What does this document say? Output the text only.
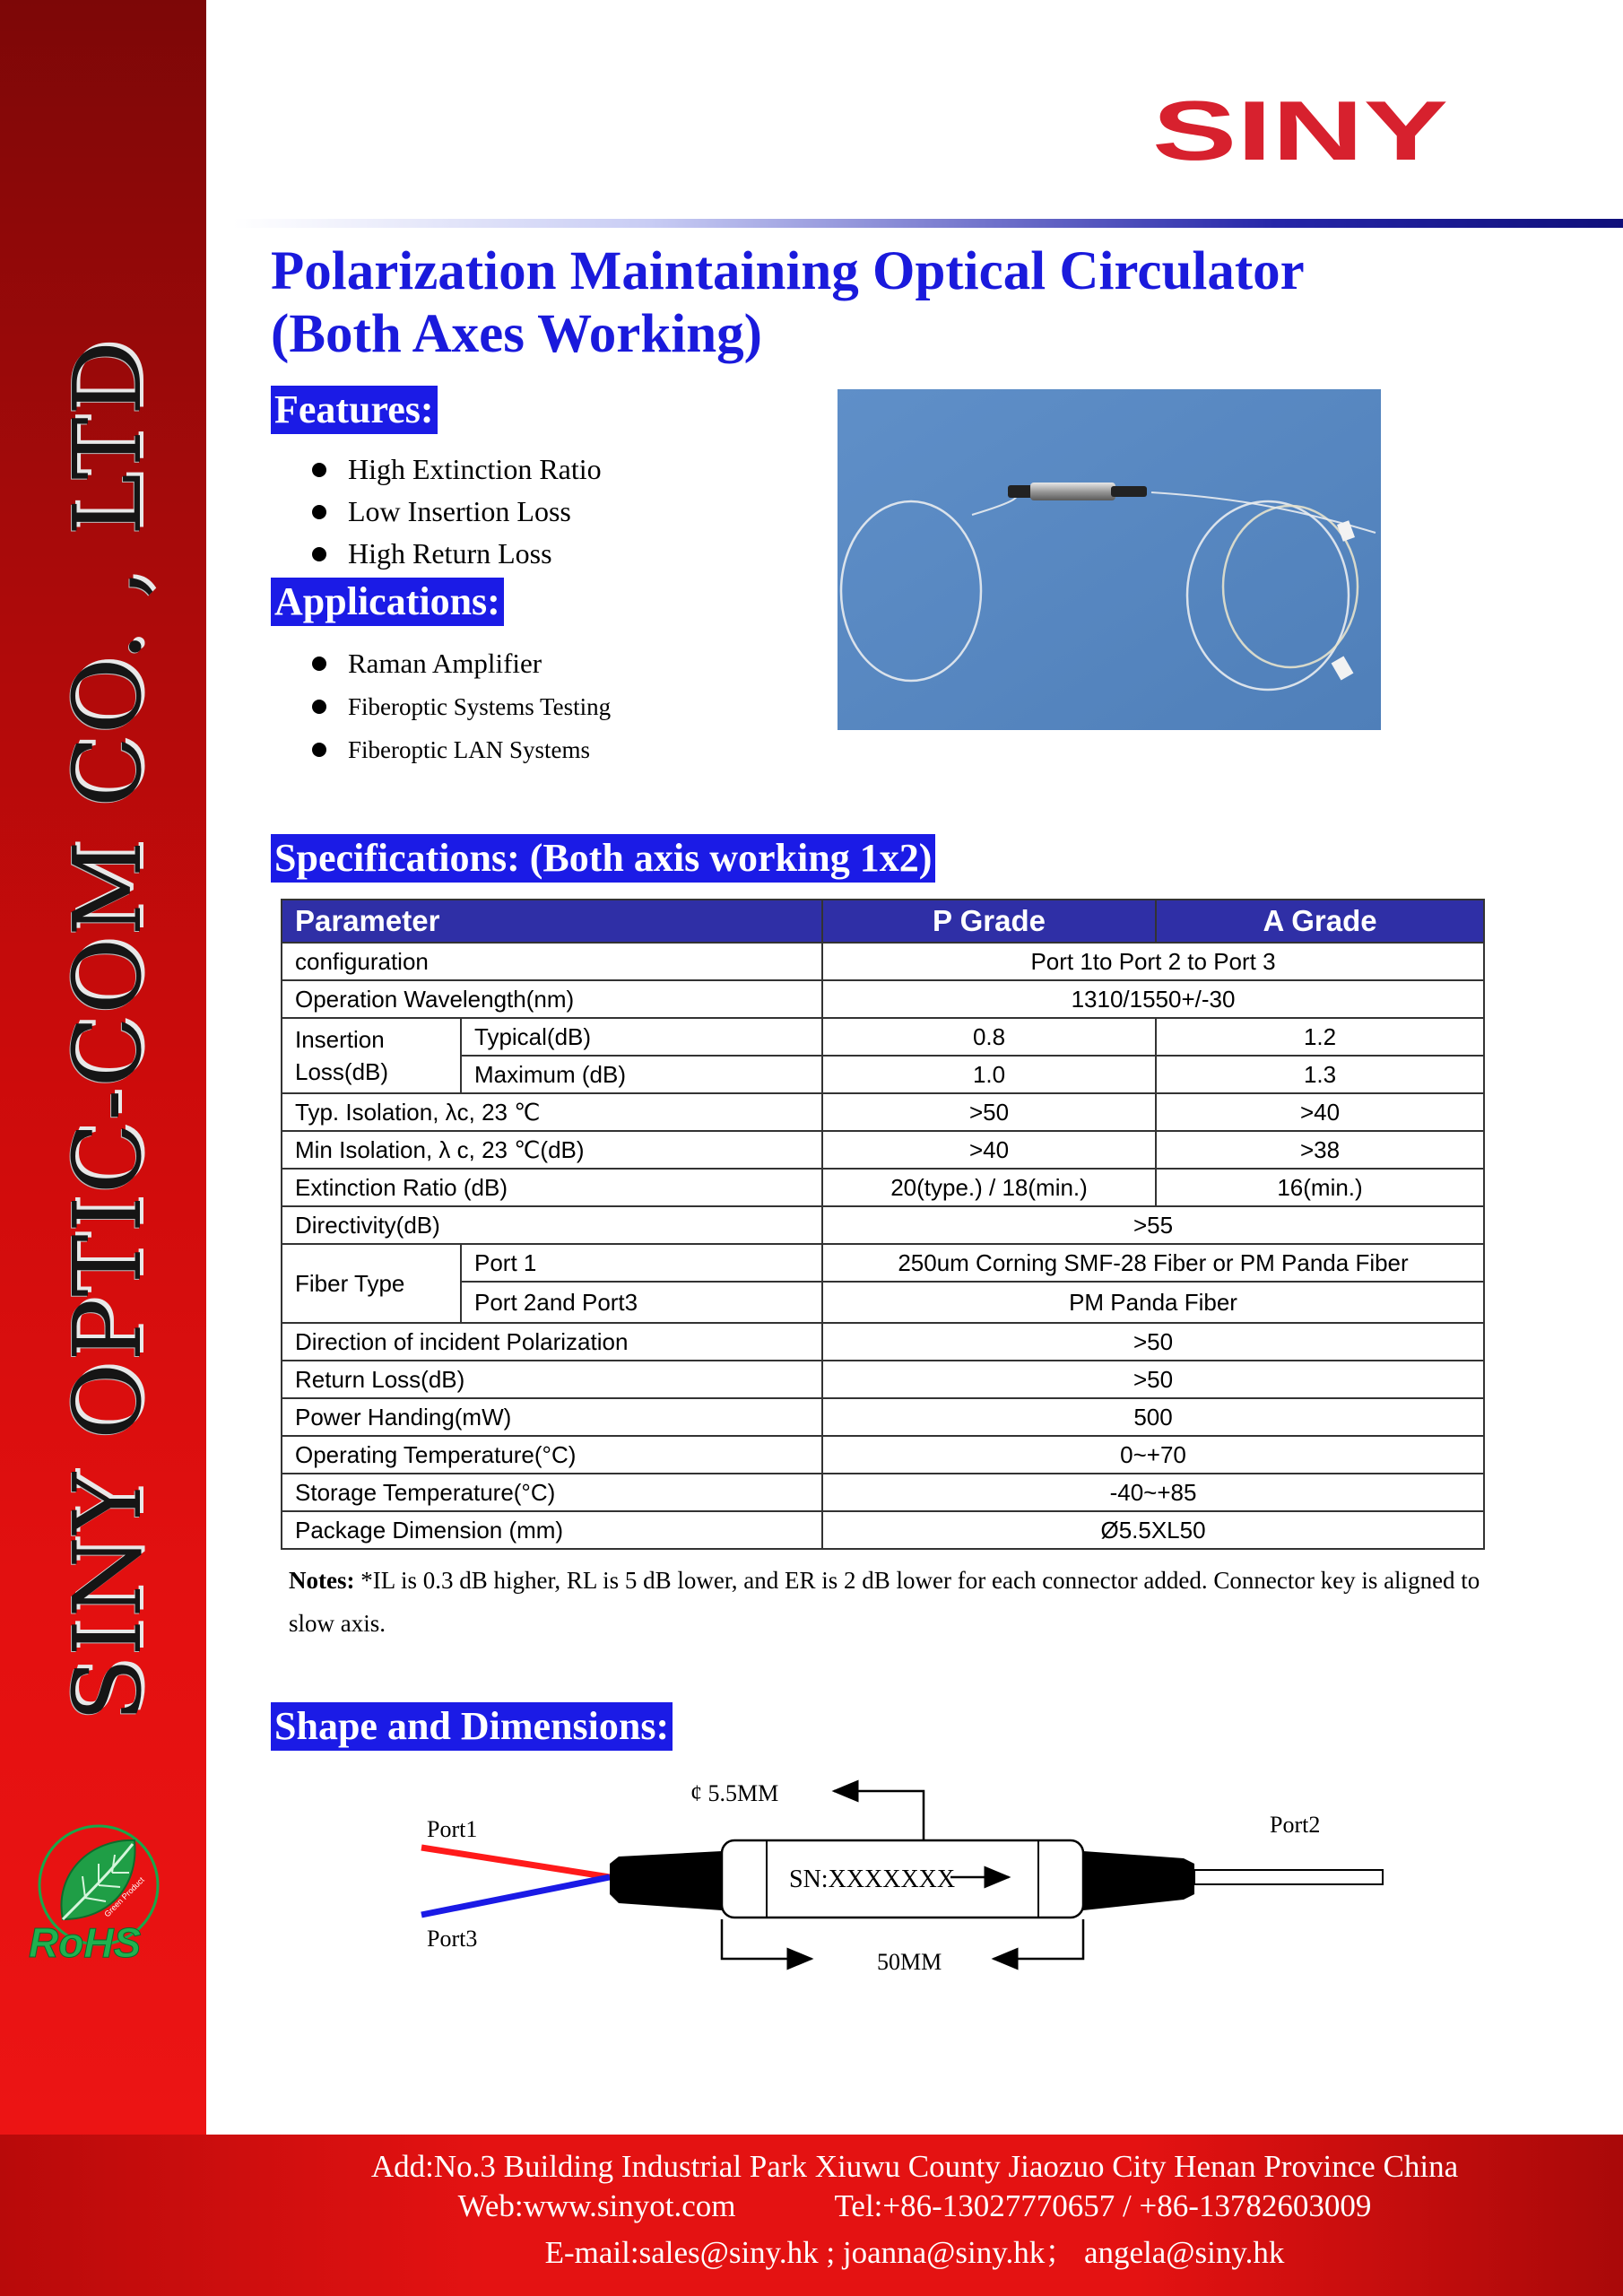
SINY OPTIC-COM CO. , LTD
Green Product
RoHS
SINY
Polarization Maintaining Optical Circulator
(Both Axes Working)
Features:
High Extinction Ratio
Low Insertion Loss
High Return Loss
Applications:
Raman Amplifier
Fiberoptic Systems Testing
Fiberoptic LAN Systems
Specifications: (Both axis working 1x2)
Parameter		P Grade	A Grade
configuration		Port 1to Port 2 to Port 3	
Operation Wavelength(nm)		1310/1550+/-30	
Insertion Loss(dB)	Typical(dB)	0.8	1.2
	Maximum (dB)	1.0	1.3
Typ. Isolation, λc, 23 ℃		>50	>40
Min Isolation, λ c, 23 ℃(dB)		>40	>38
Extinction Ratio (dB)		20(type.) / 18(min.)	16(min.)
Directivity(dB)		>55	
Fiber Type	Port 1	250um Corning SMF-28 Fiber or PM Panda Fiber	
	Port 2and Port3	PM Panda Fiber	
Direction of incident Polarization		>50	
Return Loss(dB)		>50	
Power Handing(mW)		500	
Operating Temperature(°C)		0~+70	
Storage Temperature(°C)		-40~+85	
Package Dimension (mm)		Ø5.5XL50	

Notes: *IL is 0.3 dB higher, RL is 5 dB lower, and ER is 2 dB lower for each connector added. Connector key is aligned to slow axis.

Shape and Dimensions:
SN:XXXXXXX
¢ 5.5MM
50MM
Port1
Port3
Port2
Add:No.3 Building Industrial Park Xiuwu County Jiaozuo City Henan Province China
Web:www.sinyot.com	Tel:+86-13027770657 / +86-13782603009
E-mail:sales@siny.hk ; joanna@siny.hk； angela@siny.hk
